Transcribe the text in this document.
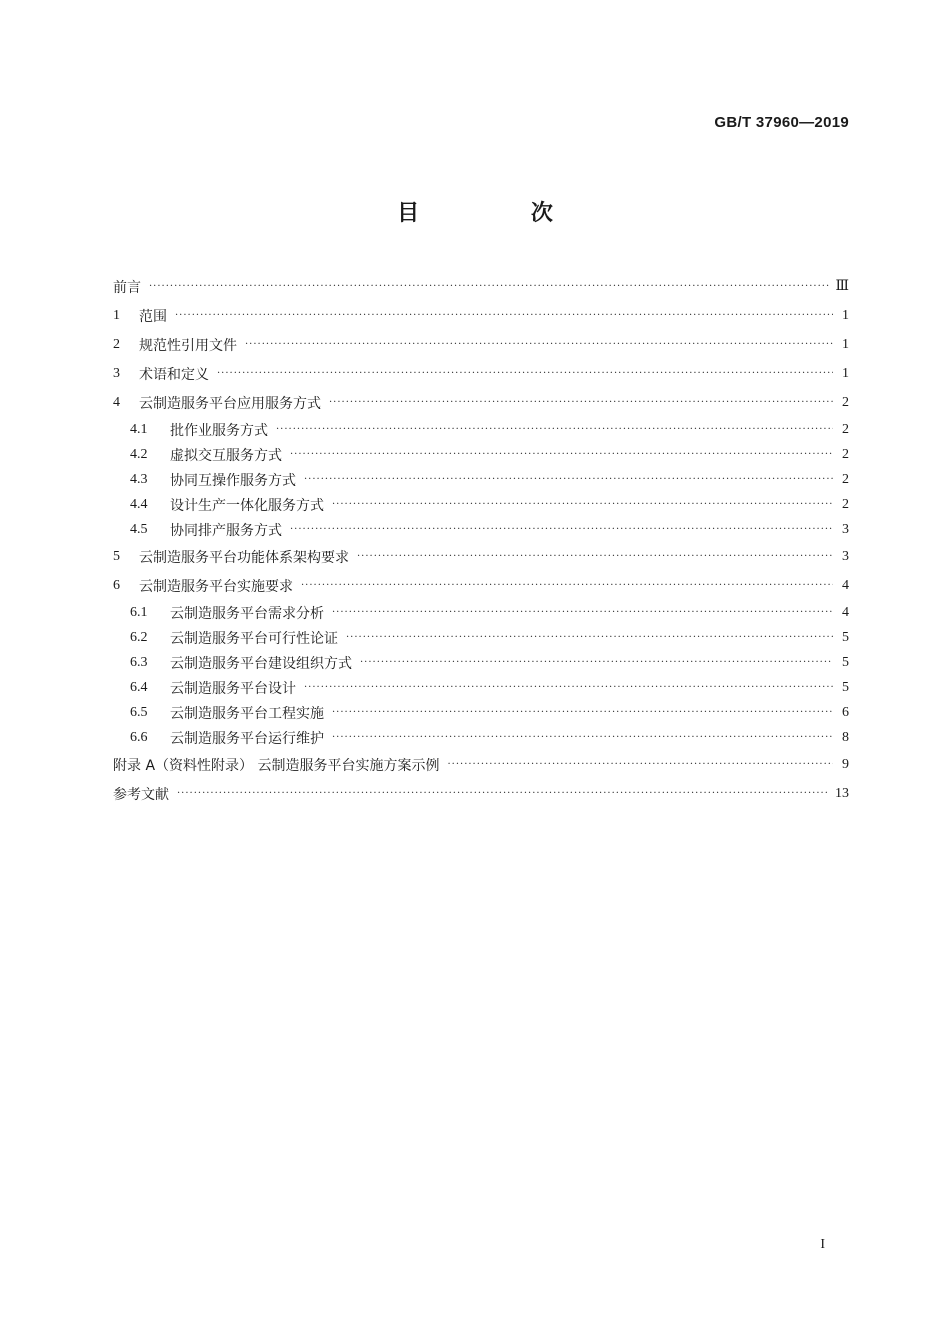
GB/T 37960—2019
目 次
前言 ·····	Ⅲ
1	范围 ·····	1
2	规范性引用文件 ·····	1
3	术语和定义 ·····	1
4	云制造服务平台应用服务方式 ·····	2
4.1	批作业服务方式 ·····	2
4.2	虚拟交互服务方式 ·····	2
4.3	协同互操作服务方式 ·····	2
4.4	设计生产一体化服务方式 ·····	2
4.5	协同排产服务方式 ·····	3
5	云制造服务平台功能体系架构要求 ·····	3
6	云制造服务平台实施要求 ·····	4
6.1	云制造服务平台需求分析 ·····	4
6.2	云制造服务平台可行性论证 ·····	5
6.3	云制造服务平台建设组织方式 ·····	5
6.4	云制造服务平台设计 ·····	5
6.5	云制造服务平台工程实施 ·····	6
6.6	云制造服务平台运行维护 ·····	8
附录 A（资料性附录） 云制造服务平台实施方案示例 ·····	9
参考文献 ·····	13
I
